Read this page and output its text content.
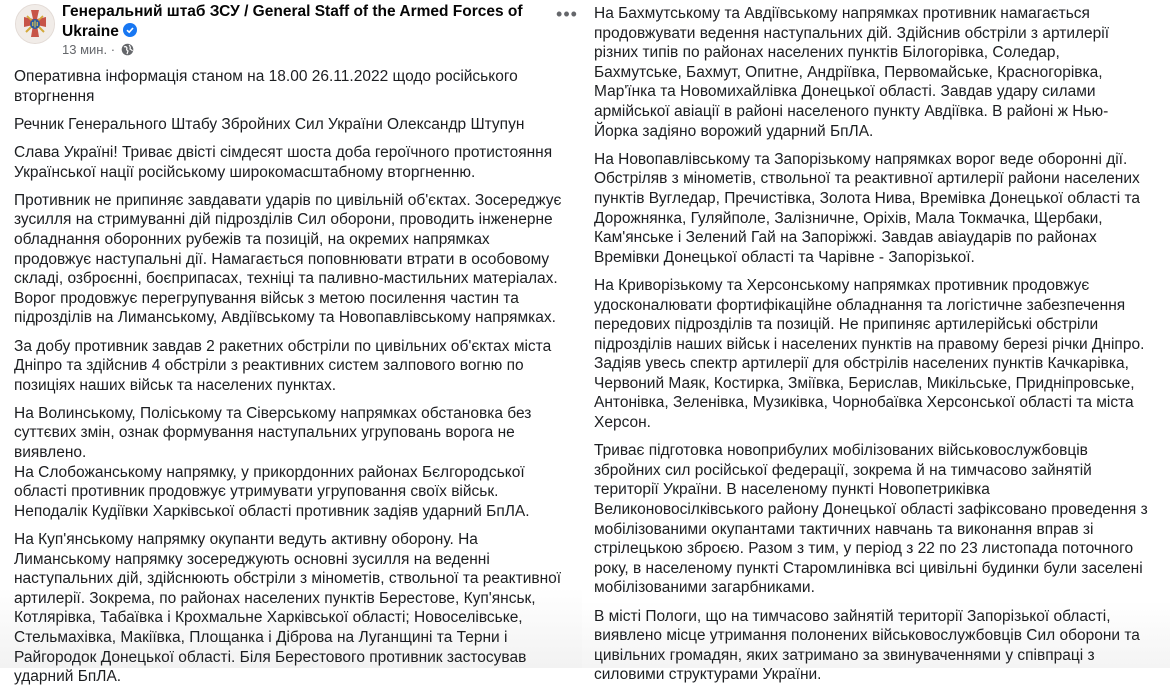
Генеральний штаб ЗСУ / General Staff of the Armed Forces of
Ukraine
13 мин. ·
•••
Оперативна інформація станом на 18.00 26.11.2022 щодо російського
вторгнення
Речник Генерального Штабу Збройних Сил України Олександр Штупун
Слава Україні! Триває двісті сімдесят шоста доба героїчного протистояння
Української нації російському широкомасштабному вторгненню.
Противник не припиняє завдавати ударів по цивільній об'єктах. Зосереджує
зусилля на стримуванні дій підрозділів Сил оборони, проводить інженерне
обладнання оборонних рубежів та позицій, на окремих напрямках
продовжує наступальні дії. Намагається поповнювати втрати в особовому
складі, озброєнні, боєприпасах, техніці та паливно-мастильних матеріалах.
Ворог продовжує перегрупування військ з метою посилення частин та
підрозділів на Лиманському, Авдіївському та Новопавлівському напрямках.
За добу противник завдав 2 ракетних обстріли по цивільних об'єктах міста
Дніпро та здійснив 4 обстріли з реактивних систем залпового вогню по
позиціях наших військ та населених пунктах.
На Волинському, Поліському та Сіверському напрямках обстановка без
суттєвих змін, ознак формування наступальних угруповань ворога не
виявлено.
На Слобожанському напрямку, у прикордонних районах Бєлгородської
області противник продовжує утримувати угруповання своїх військ.
Неподалік Кудіївки Харківської області противник задіяв ударний БпЛА.
На Куп'янському напрямку окупанти ведуть активну оборону. На
Лиманському напрямку зосереджують основні зусилля на веденні
наступальних дій, здійснюють обстріли з мінометів, ствольної та реактивної
артилерії. Зокрема, по районах населених пунктів Берестове, Куп'янськ,
Котлярівка, Табаївка і Крохмальне Харківської області; Новоселівське,
Стельмахівка, Макіївка, Площанка і Діброва на Луганщині та Терни і
Райгородок Донецької області. Біля Берестового противник застосував
ударний БпЛА.
На Бахмутському та Авдіївському напрямках противник намагається
продовжувати ведення наступальних дій. Здійснив обстріли з артилерії
різних типів по районах населених пунктів Білогорівка, Соледар,
Бахмутське, Бахмут, Опитне, Андріївка, Первомайське, Красногорівка,
Мар'їнка та Новомихайлівка Донецької області. Завдав удару силами
армійської авіації в районі населеного пункту Авдіївка. В районі ж Нью-
Йорка задіяно ворожий ударний БпЛА.
На Новопавлівському та Запорізькому напрямках ворог веде оборонні дії.
Обстріляв з мінометів, ствольної та реактивної артилерії райони населених
пунктів Вугледар, Пречистівка, Золота Нива, Времівка Донецької області та
Дорожнянка, Гуляйполе, Залізничне, Оріхів, Мала Токмачка, Щербаки,
Кам'янське і Зелений Гай на Запоріжжі. Завдав авіаударів по районах
Времівки Донецької області та Чарівне - Запорізької.
На Криворізькому та Херсонському напрямках противник продовжує
удосконалювати фортифікаційне обладнання та логістичне забезпечення
передових підрозділів та позицій. Не припиняє артилерійські обстріли
підрозділів наших військ і населених пунктів на правому березі річки Дніпро.
Задіяв увесь спектр артилерії для обстрілів населених пунктів Качкарівка,
Червоний Маяк, Костирка, Зміївка, Берислав, Микільське, Придніпровське,
Антонівка, Зеленівка, Музиківка, Чорнобаївка Херсонської області та міста
Херсон.
Триває підготовка новоприбулих мобілізованих військовослужбовців
збройних сил російської федерації, зокрема й на тимчасово зайнятій
території України. В населеному пункті Новопетриківка
Великоновосілківського району Донецької області зафіксовано проведення з
мобілізованими окупантами тактичних навчань та виконання вправ зі
стрілецькою зброєю. Разом з тим, у період з 22 по 23 листопада поточного
року, в населеному пункті Старомлинівка всі цивільні будинки були заселені
мобілізованими загарбниками.
В місті Пологи, що на тимчасово зайнятій території Запорізької області,
виявлено місце утримання полонених військовослужбовців Сил оборони та
цивільних громадян, яких затримано за звинуваченнями у співпраці з
силовими структурами України.
